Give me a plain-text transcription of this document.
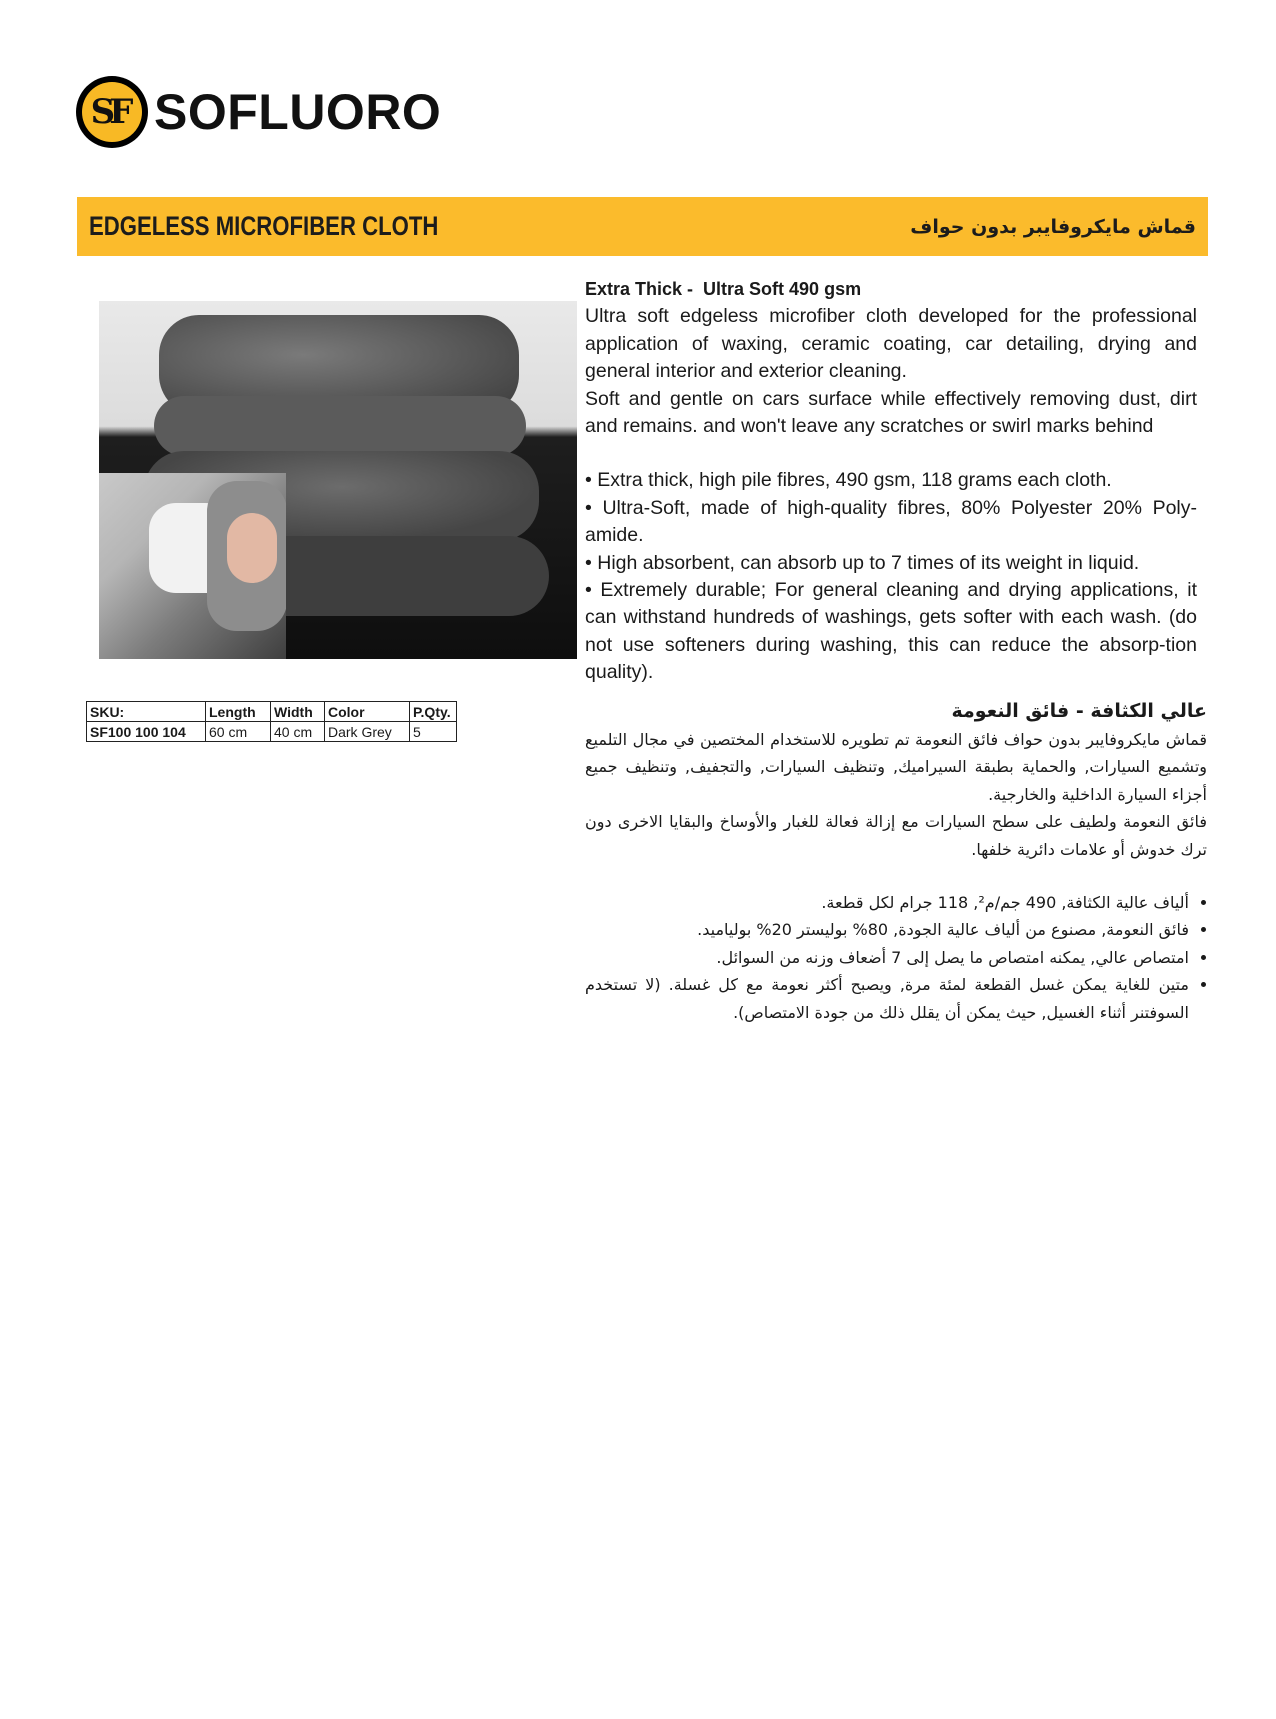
SF SOFLUORO
EDGELESS MICROFIBER CLOTH	قماش مايكروفايبر بدون حواف
SKU:	Length	Width	Color	P.Qty.
SF100 100 104	60 cm	40 cm	Dark Grey	5

Extra Thick -  Ultra Soft 490 gsm

Ultra soft edgeless microfiber cloth developed for the professional application of waxing, ceramic coating, car detailing, drying and general interior and exterior cleaning.

Soft and gentle on cars surface while effectively removing dust, dirt and remains. and won't leave any scratches or swirl marks behind

• Extra thick, high pile fibres, 490 gsm, 118 grams each cloth.

• Ultra-Soft, made of high-quality fibres, 80% Polyester 20% Poly-amide.

• High absorbent, can absorb up to 7 times of its weight in liquid.

• Extremely durable; For general cleaning and drying applications, it can withstand hundreds of washings, gets softer with each wash. (do not use softeners during washing, this can reduce the absorp-tion quality).

عالي الكثافة - فائق النعومة

قماش مايكروفايبر بدون حواف فائق النعومة تم تطويره للاستخدام المختصين في مجال التلميع وتشميع السيارات, والحماية بطبقة السيراميك, وتنظيف السيارات, والتجفيف, وتنظيف جميع أجزاء السيارة الداخلية والخارجية.

فائق النعومة ولطيف على سطح السيارات مع إزالة فعالة للغبار والأوساخ والبقايا الاخرى دون ترك خدوش أو علامات دائرية خلفها.

• ألياف عالية الكثافة, 490 جم/م², 118 جرام لكل قطعة.
• فائق النعومة, مصنوع من ألياف عالية الجودة, 80% بوليستر 20% بولياميد.
• امتصاص عالي, يمكنه امتصاص ما يصل إلى 7 أضعاف وزنه من السوائل.
• متين للغاية يمكن غسل القطعة لمئة مرة, ويصبح أكثر نعومة مع كل غسلة. (لا تستخدم السوفتنر أثناء الغسيل, حيث يمكن أن يقلل ذلك من جودة الامتصاص).
